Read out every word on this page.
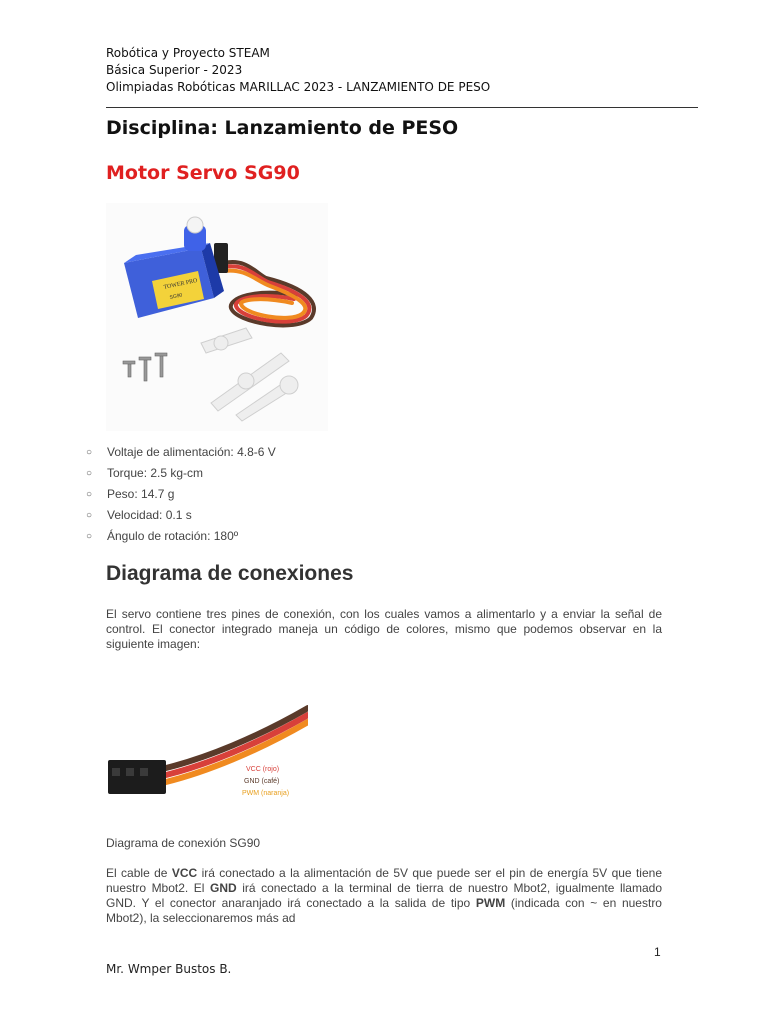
Robótica y Proyecto STEAM
Básica Superior - 2023
Olimpiadas Robóticas MARILLAC 2023 - LANZAMIENTO DE PESO
Disciplina: Lanzamiento de PESO
Motor Servo SG90
TOWER PRO
SG90
○	Voltaje de alimentación: 4.8-6 V
○	Torque: 2.5 kg-cm
○	Peso: 14.7 g
○	Velocidad: 0.1 s
○	Ángulo de rotación: 180º
Diagrama de conexiones
El servo contiene tres pines de conexión, con los cuales vamos a alimentarlo y a enviar la señal de control. El conector integrado maneja un código de colores, mismo que podemos observar en la siguiente imagen:
VCC (rojo)
GND (café)
PWM (naranja)
Diagrama de conexión SG90
El cable de VCC irá conectado a la alimentación de 5V que puede ser el pin de energía 5V que tiene nuestro Mbot2. El GND irá conectado a la terminal de tierra de nuestro Mbot2, igualmente llamado GND. Y el conector anaranjado irá conectado a la salida de tipo PWM (indicada con ~ en nuestro Mbot2), la seleccionaremos más ad
1
Mr. Wmper Bustos B.
